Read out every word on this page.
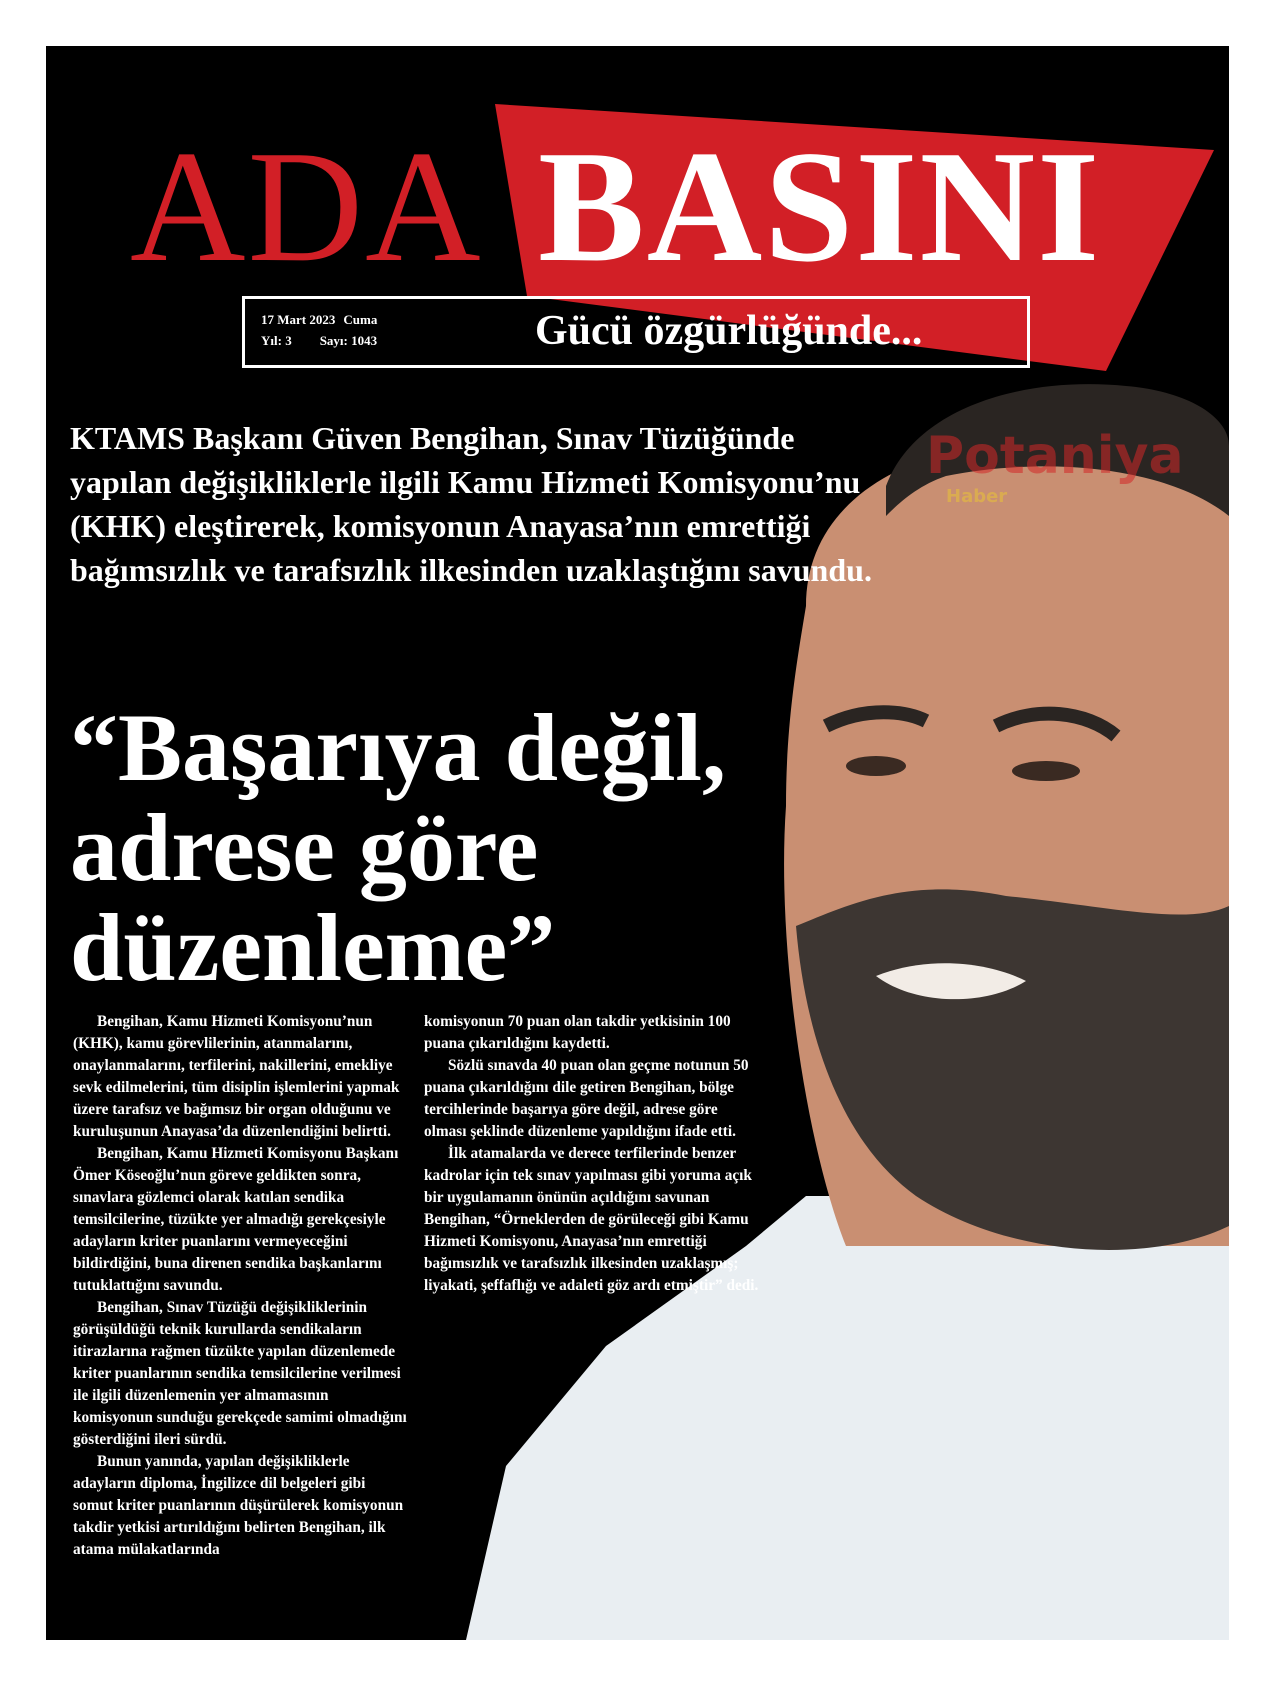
ADA BASINI
17 Mart 2023 Cuma
Yıl: 3 Sayı: 1043	Gücü özgürlüğünde...
Potaniya
Haber
KTAMS Başkanı Güven Bengihan, Sınav Tüzüğünde yapılan değişikliklerle ilgili Kamu Hizmeti Komisyonu’nu (KHK) eleştirerek, komisyonun Anayasa’nın emrettiği bağımsızlık ve tarafsızlık ilkesinden uzaklaştığını savundu.
“Başarıya değil, adrese göre düzenleme”

Bengihan, Kamu Hizmeti Komisyonu’nun (KHK), kamu görevlilerinin, atanmalarını, onaylanmalarını, terfilerini, nakillerini, emekliye sevk edilmelerini, tüm disiplin işlemlerini yapmak üzere tarafsız ve bağımsız bir organ olduğunu ve kuruluşunun Anayasa’da düzenlendiğini belirtti.

Bengihan, Kamu Hizmeti Komisyonu Başkanı Ömer Köseoğlu’nun göreve geldikten sonra, sınavlara gözlemci olarak katılan sendika temsilcilerine, tüzükte yer almadığı gerekçesiyle adayların kriter puanlarını vermeyeceğini bildirdiğini, buna direnen sendika başkanlarını tutuklattığını savundu.

Bengihan, Sınav Tüzüğü değişikliklerinin görüşüldüğü teknik kurullarda sendikaların itirazlarına rağmen tüzükte yapılan düzenlemede kriter puanlarının sendika temsilcilerine verilmesi ile ilgili düzenlemenin yer almamasının komisyonun sunduğu gerekçede samimi olmadığını gösterdiğini ileri sürdü.

Bunun yanında, yapılan değişikliklerle adayların diploma, İngilizce dil belgeleri gibi somut kriter puanlarının düşürülerek komisyonun takdir yetkisi artırıldığını belirten Bengihan, ilk atama mülakatlarında

komisyonun 70 puan olan takdir yetkisinin 100 puana çıkarıldığını kaydetti.

Sözlü sınavda 40 puan olan geçme notunun 50 puana çıkarıldığını dile getiren Bengihan, bölge tercihlerinde başarıya göre değil, adrese göre olması şeklinde düzenleme yapıldığını ifade etti.

İlk atamalarda ve derece terfilerinde benzer kadrolar için tek sınav yapılması gibi yoruma açık bir uygulamanın önünün açıldığını savunan Bengihan, “Örneklerden de görüleceği gibi Kamu Hizmeti Komisyonu, Anayasa’nın emrettiği bağımsızlık ve tarafsızlık ilkesinden uzaklaşmış; liyakati, şeffaflığı ve adaleti göz ardı etmiştir” dedi.
